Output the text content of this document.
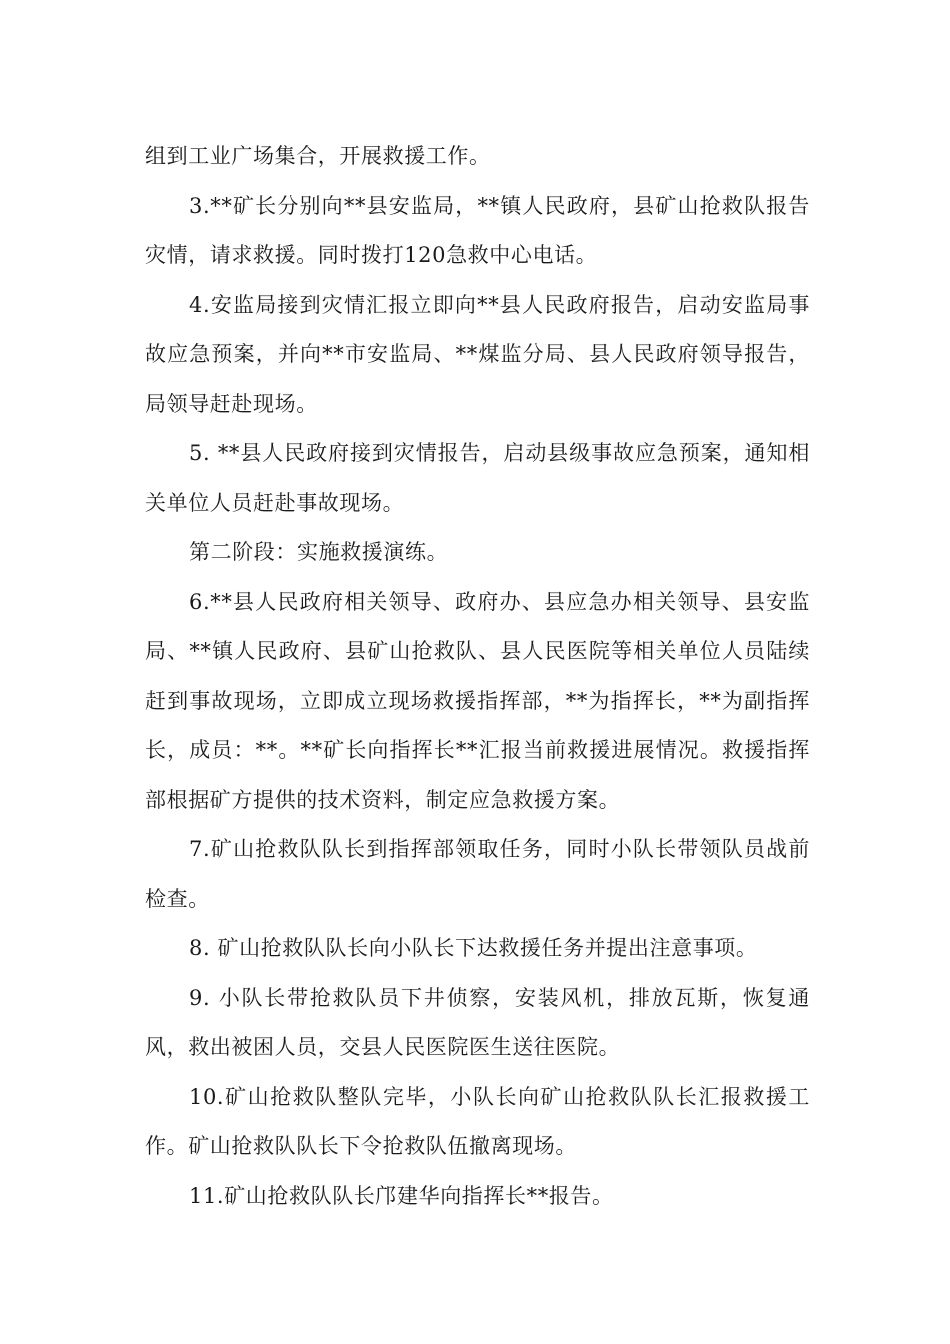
组到工业广场集合，开展救援工作。

3.**矿长分别向**县安监局，**镇人民政府，县矿山抢救队报告灾情，请求救援。同时拨打120急救中心电话。

4.安监局接到灾情汇报立即向**县人民政府报告，启动安监局事故应急预案，并向**市安监局、**煤监分局、县人民政府领导报告，局领导赶赴现场。

5. **县人民政府接到灾情报告，启动县级事故应急预案，通知相关单位人员赶赴事故现场。

第二阶段：实施救援演练。

6.**县人民政府相关领导、政府办、县应急办相关领导、县安监局、**镇人民政府、县矿山抢救队、县人民医院等相关单位人员陆续赶到事故现场，立即成立现场救援指挥部，**为指挥长，**为副指挥长，成员：**。**矿长向指挥长**汇报当前救援进展情况。救援指挥部根据矿方提供的技术资料，制定应急救援方案。

7.矿山抢救队队长到指挥部领取任务，同时小队长带领队员战前检查。

8. 矿山抢救队队长向小队长下达救援任务并提出注意事项。

9. 小队长带抢救队员下井侦察，安装风机，排放瓦斯，恢复通风，救出被困人员，交县人民医院医生送往医院。

10.矿山抢救队整队完毕，小队长向矿山抢救队队长汇报救援工作。矿山抢救队队长下令抢救队伍撤离现场。

11.矿山抢救队队长邝建华向指挥长**报告。
